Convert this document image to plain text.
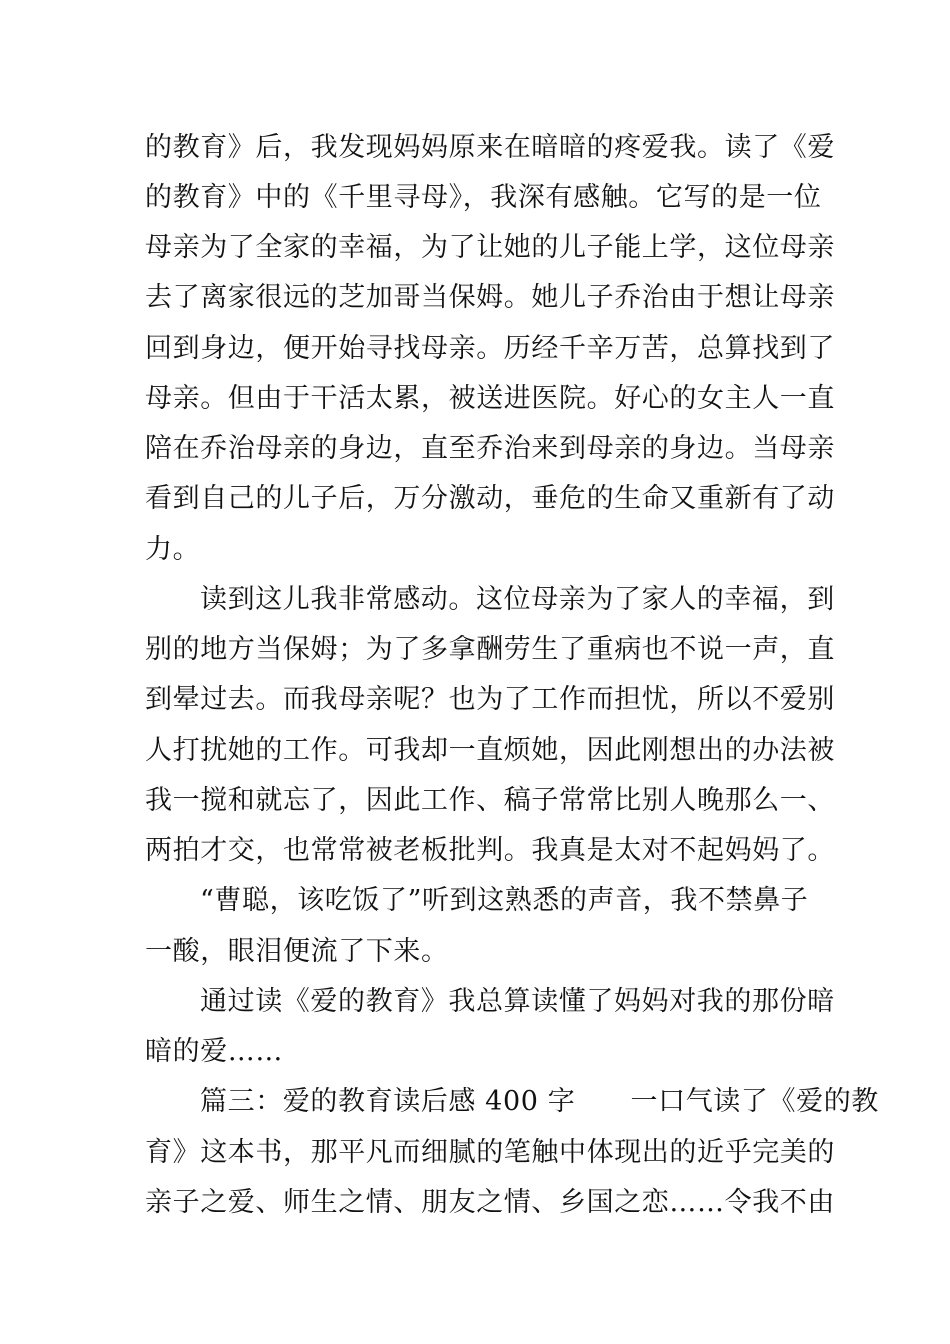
的教育》后，我发现妈妈原来在暗暗的疼爱我。读了《爱
的教育》中的《千里寻母》，我深有感触。它写的是一位
母亲为了全家的幸福，为了让她的儿子能上学，这位母亲
去了离家很远的芝加哥当保姆。她儿子乔治由于想让母亲
回到身边，便开始寻找母亲。历经千辛万苦，总算找到了
母亲。但由于干活太累，被送进医院。好心的女主人一直
陪在乔治母亲的身边，直至乔治来到母亲的身边。当母亲
看到自己的儿子后，万分激动，垂危的生命又重新有了动
力。
读到这儿我非常感动。这位母亲为了家人的幸福，到
别的地方当保姆；为了多拿酬劳生了重病也不说一声，直
到晕过去。而我母亲呢？也为了工作而担忧，所以不爱别
人打扰她的工作。可我却一直烦她，因此刚想出的办法被
我一搅和就忘了，因此工作、稿子常常比别人晚那么一、
两拍才交，也常常被老板批判。我真是太对不起妈妈了。
“曹聪，该吃饭了”听到这熟悉的声音，我不禁鼻子
一酸，眼泪便流了下来。
通过读《爱的教育》我总算读懂了妈妈对我的那份暗
暗的爱……
篇三：爱的教育读后感 400 字　　一口气读了《爱的教
育》这本书，那平凡而细腻的笔触中体现出的近乎完美的
亲子之爱、师生之情、朋友之情、乡国之恋……令我不由
